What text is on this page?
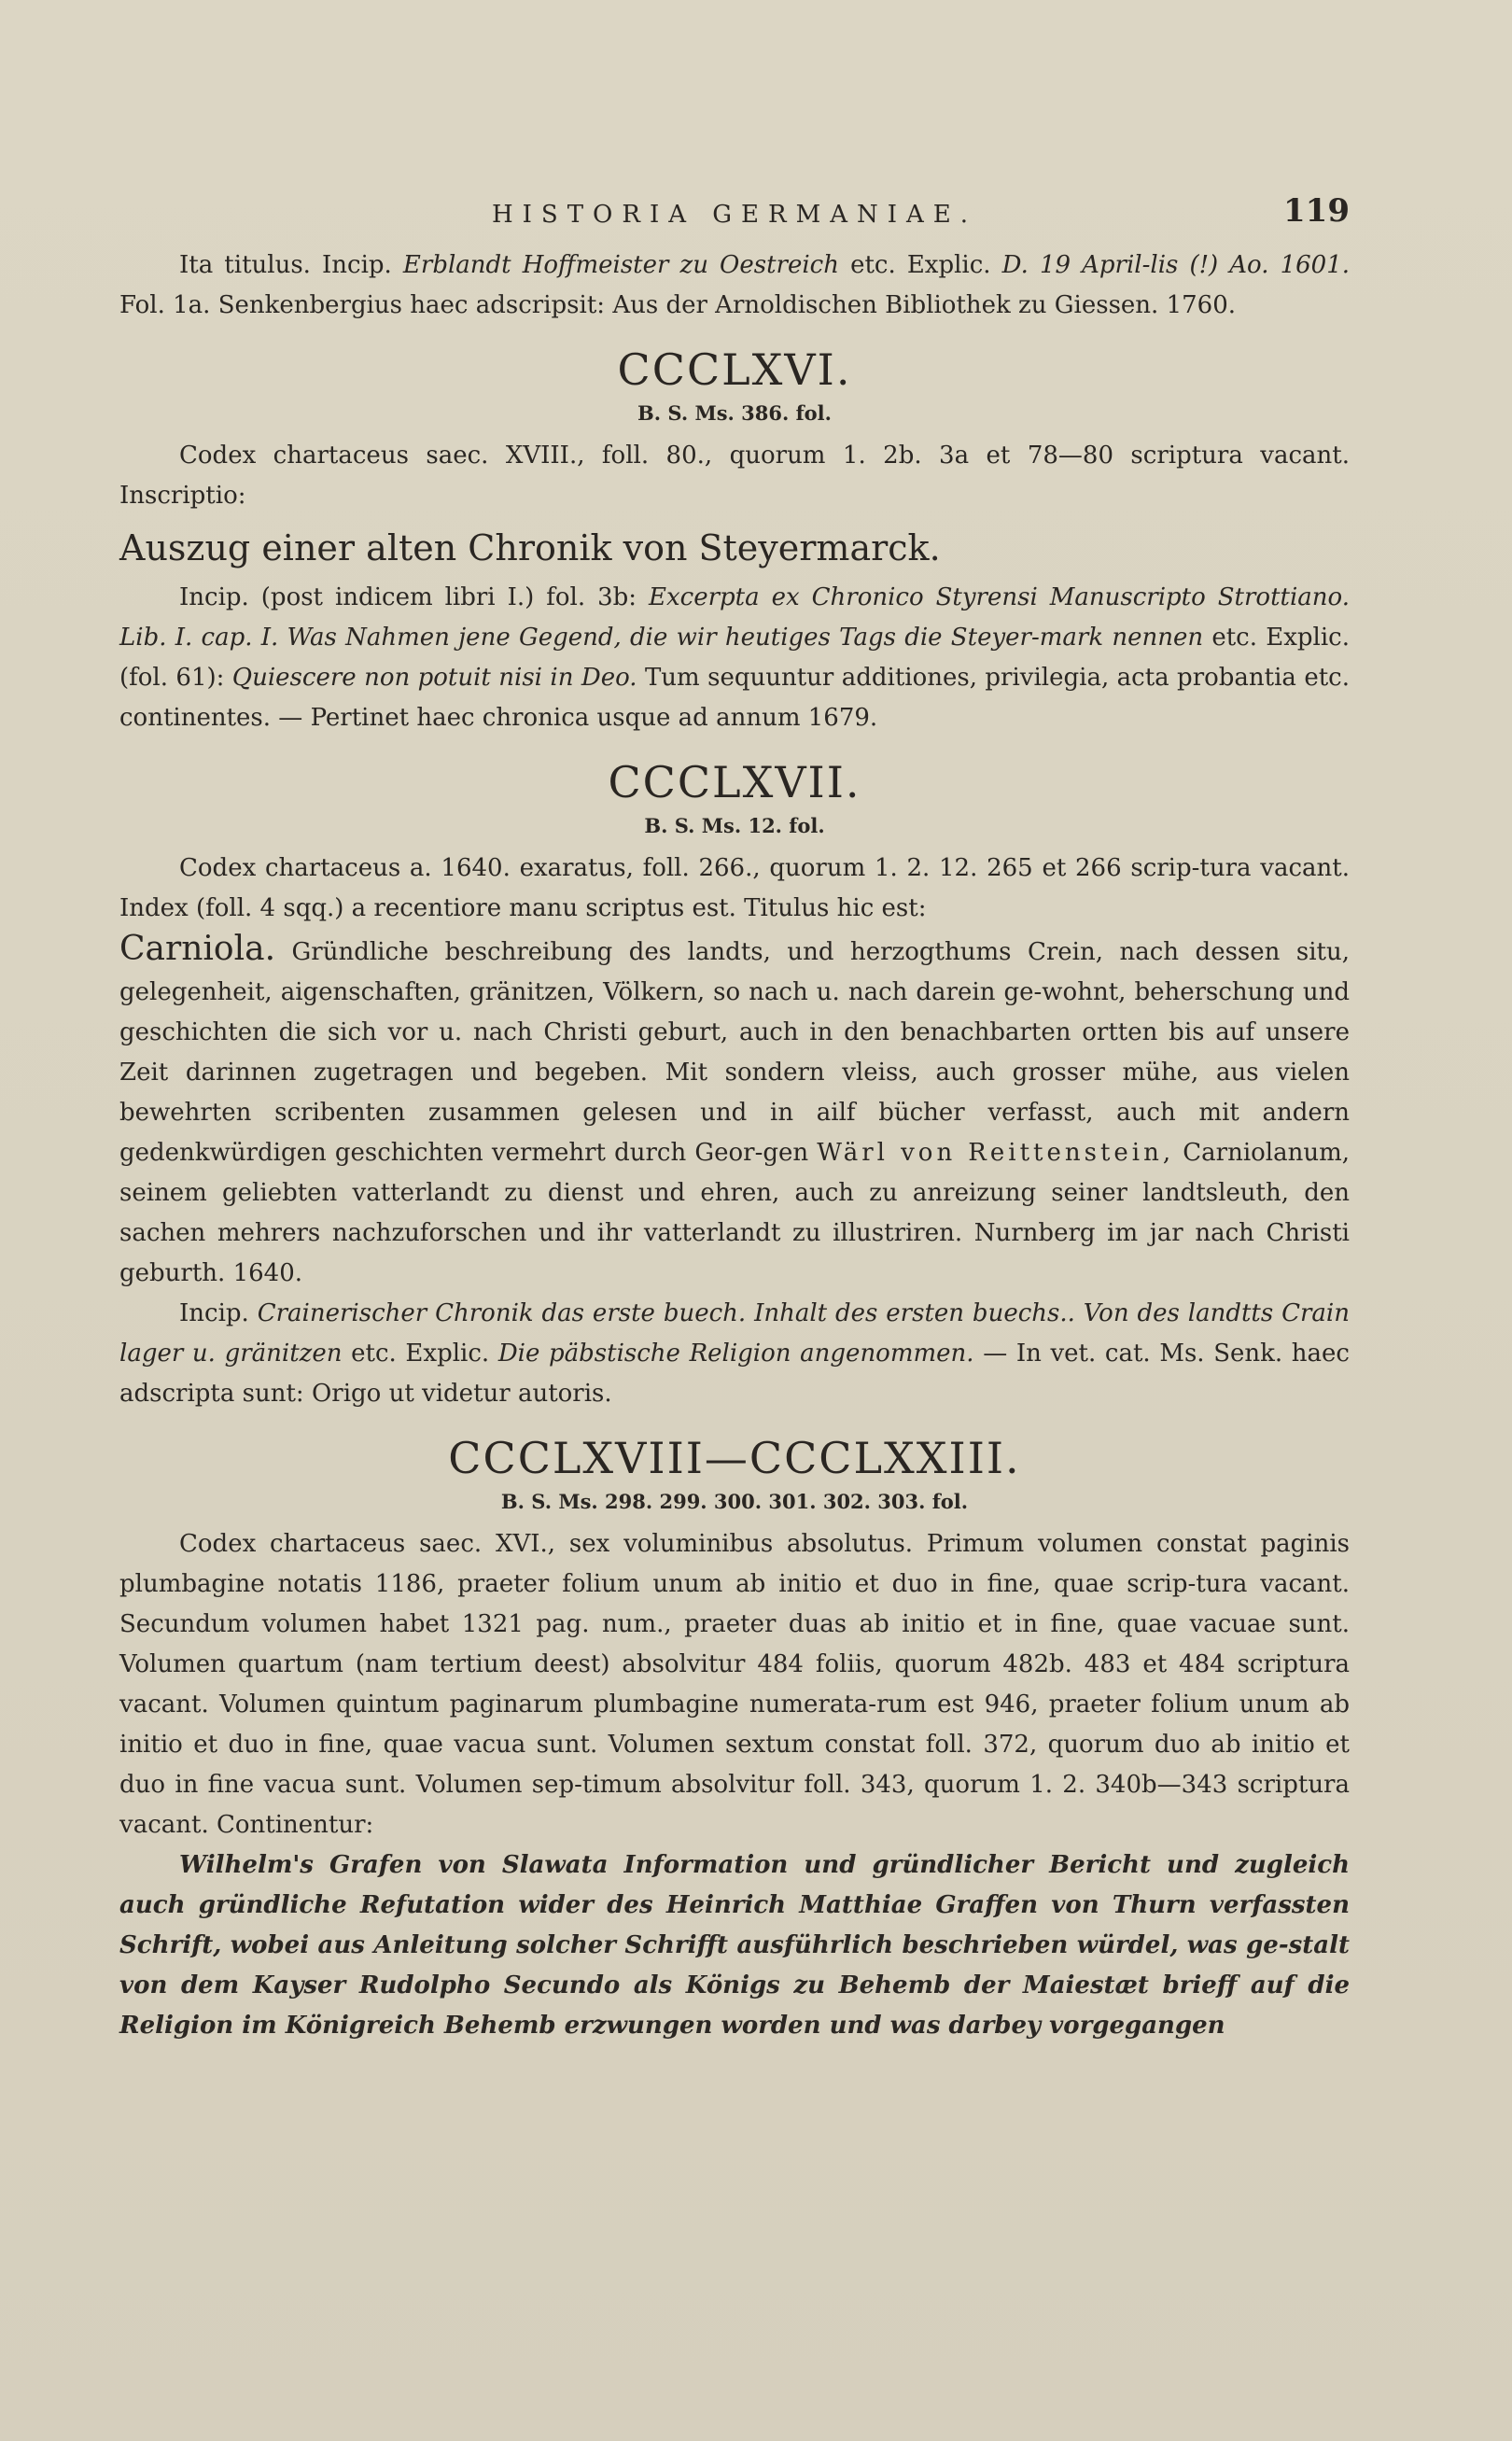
HISTORIA GERMANIAE.	119

Ita titulus. Incip. Erblandt Hoffmeister zu Oestreich etc. Explic. D. 19 April-lis (!) Ao. 1601. Fol. 1a. Senkenbergius haec adscripsit: Aus der Arnoldischen Bibliothek zu Giessen. 1760.

CCCLXVI.
B. S. Ms. 386. fol.

Codex chartaceus saec. XVIII., foll. 80., quorum 1. 2b. 3a et 78—80 scriptura vacant. Inscriptio:

Auszug einer alten Chronik von Steyermarck.

Incip. (post indicem libri I.) fol. 3b: Excerpta ex Chronico Styrensi Manuscripto Strottiano. Lib. I. cap. I. Was Nahmen jene Gegend, die wir heutiges Tags die Steyer-mark nennen etc. Explic. (fol. 61): Quiescere non potuit nisi in Deo. Tum sequuntur additiones, privilegia, acta probantia etc. continentes. — Pertinet haec chronica usque ad annum 1679.

CCCLXVII.
B. S. Ms. 12. fol.

Codex chartaceus a. 1640. exaratus, foll. 266., quorum 1. 2. 12. 265 et 266 scrip-tura vacant. Index (foll. 4 sqq.) a recentiore manu scriptus est. Titulus hic est:

Carniola. Gründliche beschreibung des landts, und herzogthums Crein, nach dessen situ, gelegenheit, aigenschaften, gränitzen, Völkern, so nach u. nach darein ge-wohnt, beherschung und geschichten die sich vor u. nach Christi geburt, auch in den benachbarten ortten bis auf unsere Zeit darinnen zugetragen und begeben. Mit sondern vleiss, auch grosser mühe, aus vielen bewehrten scribenten zusammen gelesen und in ailf bücher verfasst, auch mit andern gedenkwürdigen geschichten vermehrt durch Geor-gen Wärl von Reittenstein, Carniolanum, seinem geliebten vatterlandt zu dienst und ehren, auch zu anreizung seiner landtsleuth, den sachen mehrers nachzuforschen und ihr vatterlandt zu illustriren. Nurnberg im jar nach Christi geburth. 1640.

Incip. Crainerischer Chronik das erste buech. Inhalt des ersten buechs.. Von des landtts Crain lager u. gränitzen etc. Explic. Die päbstische Religion angenommen. — In vet. cat. Ms. Senk. haec adscripta sunt: Origo ut videtur autoris.

CCCLXVIII—CCCLXXIII.
B. S. Ms. 298. 299. 300. 301. 302. 303. fol.

Codex chartaceus saec. XVI., sex voluminibus absolutus. Primum volumen constat paginis plumbagine notatis 1186, praeter folium unum ab initio et duo in fine, quae scrip-tura vacant. Secundum volumen habet 1321 pag. num., praeter duas ab initio et in fine, quae vacuae sunt. Volumen quartum (nam tertium deest) absolvitur 484 foliis, quorum 482b. 483 et 484 scriptura vacant. Volumen quintum paginarum plumbagine numerata-rum est 946, praeter folium unum ab initio et duo in fine, quae vacua sunt. Volumen sextum constat foll. 372, quorum duo ab initio et duo in fine vacua sunt. Volumen sep-timum absolvitur foll. 343, quorum 1. 2. 340b—343 scriptura vacant. Continentur:

Wilhelm's Grafen von Slawata Information und gründlicher Bericht und zugleich auch gründliche Refutation wider des Heinrich Matthiae Graffen von Thurn verfassten Schrift, wobei aus Anleitung solcher Schrifft ausführlich beschrieben würdel, was ge-stalt von dem Kayser Rudolpho Secundo als Königs zu Behemb der Maiestæt brieff auf die Religion im Königreich Behemb erzwungen worden und was darbey vorgegangen
